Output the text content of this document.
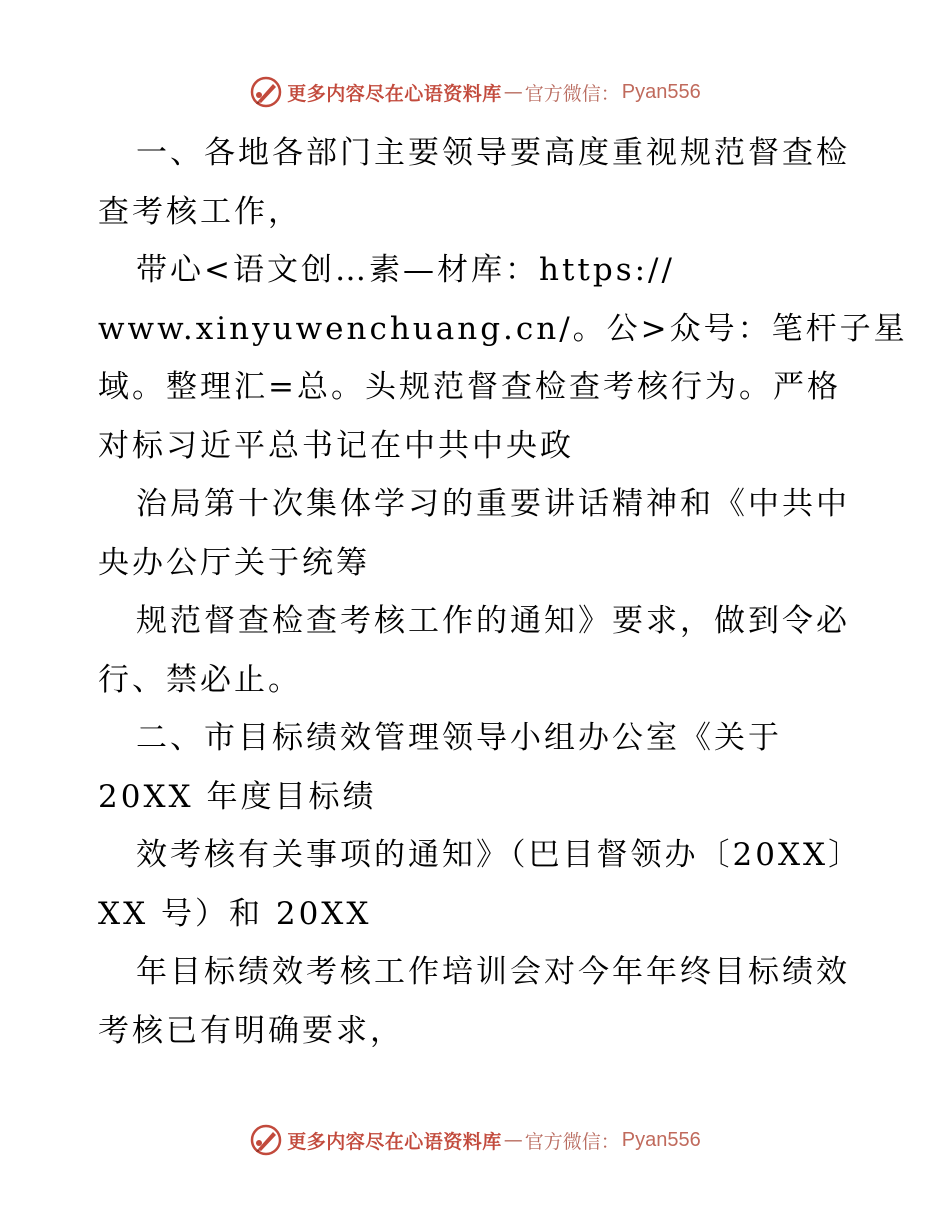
更多内容尽在心语资料库 — 官方微信： Pyan556
一、各地各部门主要领导要高度重视规范督查检
查考核工作，
带心<语文创…素—材库：https://
www.xinyuwenchuang.cn/。公>众号：笔杆子星
域。整理汇=总。头规范督查检查考核行为。严格
对标习近平总书记在中共中央政
治局第十次集体学习的重要讲话精神和《中共中
央办公厅关于统筹
规范督查检查考核工作的通知》要求，做到令必
行、禁必止。
二、市目标绩效管理领导小组办公室《关于
20XX 年度目标绩
效考核有关事项的通知》（巴目督领办〔20XX〕
XX 号）和 20XX
年目标绩效考核工作培训会对今年年终目标绩效
考核已有明确要求，
更多内容尽在心语资料库 — 官方微信： Pyan556
